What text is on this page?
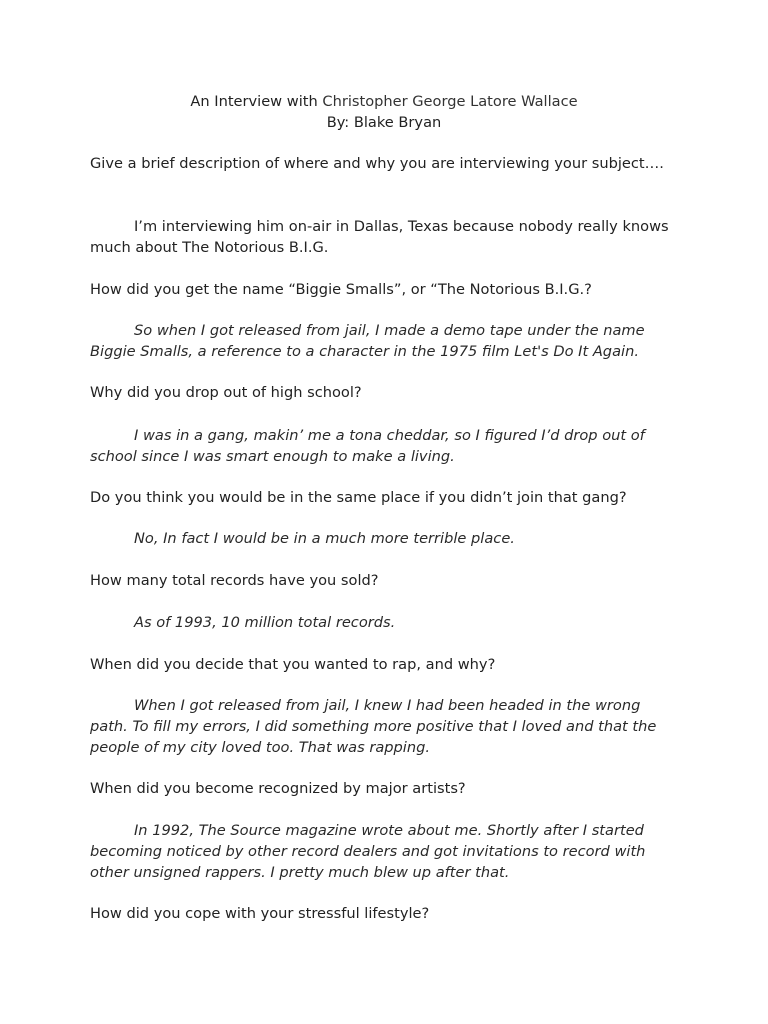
An Interview with Christopher George Latore Wallace
By: Blake Bryan
Give a brief description of where and why you are interviewing your subject….
I’m interviewing him on-air in Dallas, Texas because nobody really knows much about The Notorious B.I.G.
How did you get the name “Biggie Smalls”, or “The Notorious B.I.G.?
So when I got released from jail, I made a demo tape under the name Biggie Smalls, a reference to a character in the 1975 film Let's Do It Again.
Why did you drop out of high school?
I was in a gang, makin’ me a tona cheddar, so I figured I’d drop out of school since I was smart enough to make a living.
Do you think you would be in the same place if you didn’t join that gang?
No, In fact I would be in a much more terrible place.
How many total records have you sold?
As of 1993, 10 million total records.
When did you decide that you wanted to rap, and why?
When I got released from jail, I knew I had been headed in the wrong path. To fill my errors, I did something more positive that I loved and that the people of my city loved too. That was rapping.
When did you become recognized by major artists?
In 1992, The Source magazine wrote about me. Shortly after I started becoming noticed by other record dealers and got invitations to record with other unsigned rappers. I pretty much blew up after that.
How did you cope with your stressful lifestyle?
